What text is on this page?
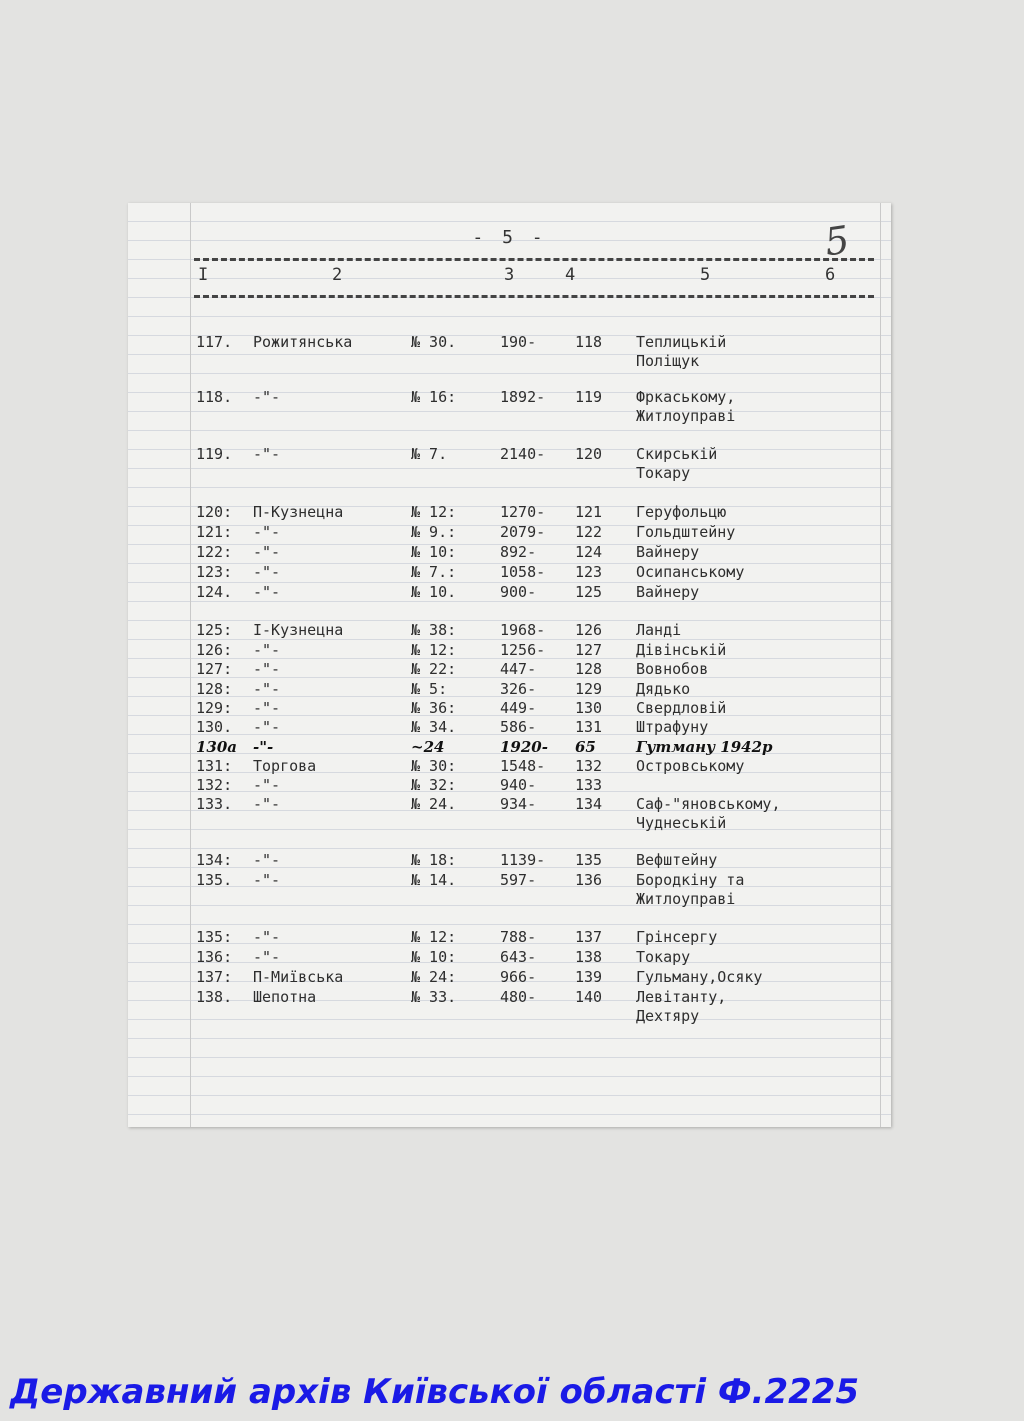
- 5 -	5
I	2	3	4	5	6
117. Рожитянська	№ 30.	190-	118 Теплицькій
Поліщук
118. -"-	№ 16:	1892- 119 Фркаському,
Житлоуправі
119. -"-	№ 7.	2140- 120 Скирській
Токару
120: П-Кузнецна	№ 12:	1270- 121 Геруфольцю
121: -"-	№ 9.:	2079- 122 Гольдштейну
122: -"-	№ 10:	892-	124 Вайнеру
123: -"-	№ 7.:	1058- 123 Осипанському
124. -"-	№ 10.	900-	125 Вайнеру
125: І-Кузнецна	№ 38:	1968- 126 Ланді
126: -"-	№ 12:	1256- 127 Дівінській
127: -"-	№ 22:	447-	128 Вовнобов
128: -"-	№ 5:	326-	129 Дядько
129: -"-	№ 36:	449-	130 Свердловій
130. -"-	№ 34.	586-	131 Штрафуну
130а -"-	~24	1920- 65	Гутману 1942р
131: Торгова	№ 30:	1548- 132 Островському
132: -"-	№ 32:	940-	133
133. -"-	№ 24.	934-	134 Саф-"яновському,
Чуднеській
134: -"-	№ 18:	1139- 135 Вефштейну
135. -"-	№ 14.	597-	136 Бородкіну та
Житлоуправі
135: -"-	№ 12:	788-	137 Грінсергу
136: -"-	№ 10:	643-	138 Токару
137: П-Миївська	№ 24:	966-	139 Гульману,Осяку
138. Шепотна	№ 33.	480-	140 Левітанту,
Дехтяру
Державний архів Київської області Ф.2225
